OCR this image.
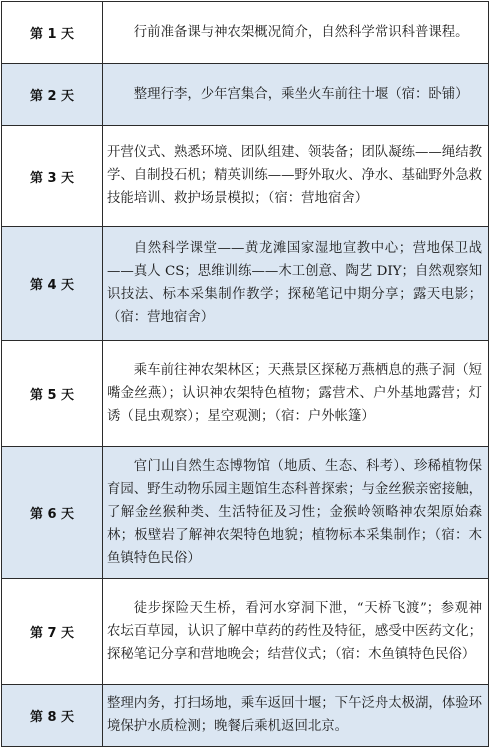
第 1 天	行前准备课与神农架概况简介，自然科学常识科普课程。
第 2 天	整理行李，少年宫集合，乘坐火车前往十堰（宿：卧铺）
第 3 天	开营仪式、熟悉环境、团队组建、领装备；团队凝练——绳结教学、自制投石机；精英训练——野外取火、净水、基础野外急救技能培训、救护场景模拟；（宿：营地宿舍）
第 4 天	自然科学课堂——黄龙滩国家湿地宣教中心；营地保卫战——真人 CS；思维训练——木工创意、陶艺 DIY；自然观察知识技法、标本采集制作教学；探秘笔记中期分享；露天电影；（宿：营地宿舍）
第 5 天	乘车前往神农架林区；天燕景区探秘万燕栖息的燕子洞（短嘴金丝燕）；认识神农架特色植物；露营术、户外基地露营；灯诱（昆虫观察）；星空观测；（宿：户外帐篷）
第 6 天	官门山自然生态博物馆（地质、生态、科考）、珍稀植物保育园、野生动物乐园主题馆生态科普探索；与金丝猴亲密接触，了解金丝猴种类、生活特征及习性；金猴岭领略神农架原始森林；板壁岩了解神农架特色地貌；植物标本采集制作；（宿：木鱼镇特色民俗）
第 7 天	徒步探险天生桥，看河水穿洞下泄，“天桥飞渡”；参观神农坛百草园，认识了解中草药的药性及特征，感受中医药文化；探秘笔记分享和营地晚会；结营仪式；（宿：木鱼镇特色民俗）
第 8 天	整理内务，打扫场地，乘车返回十堰；下午泛舟太极湖，体验环境保护水质检测；晚餐后乘机返回北京。
